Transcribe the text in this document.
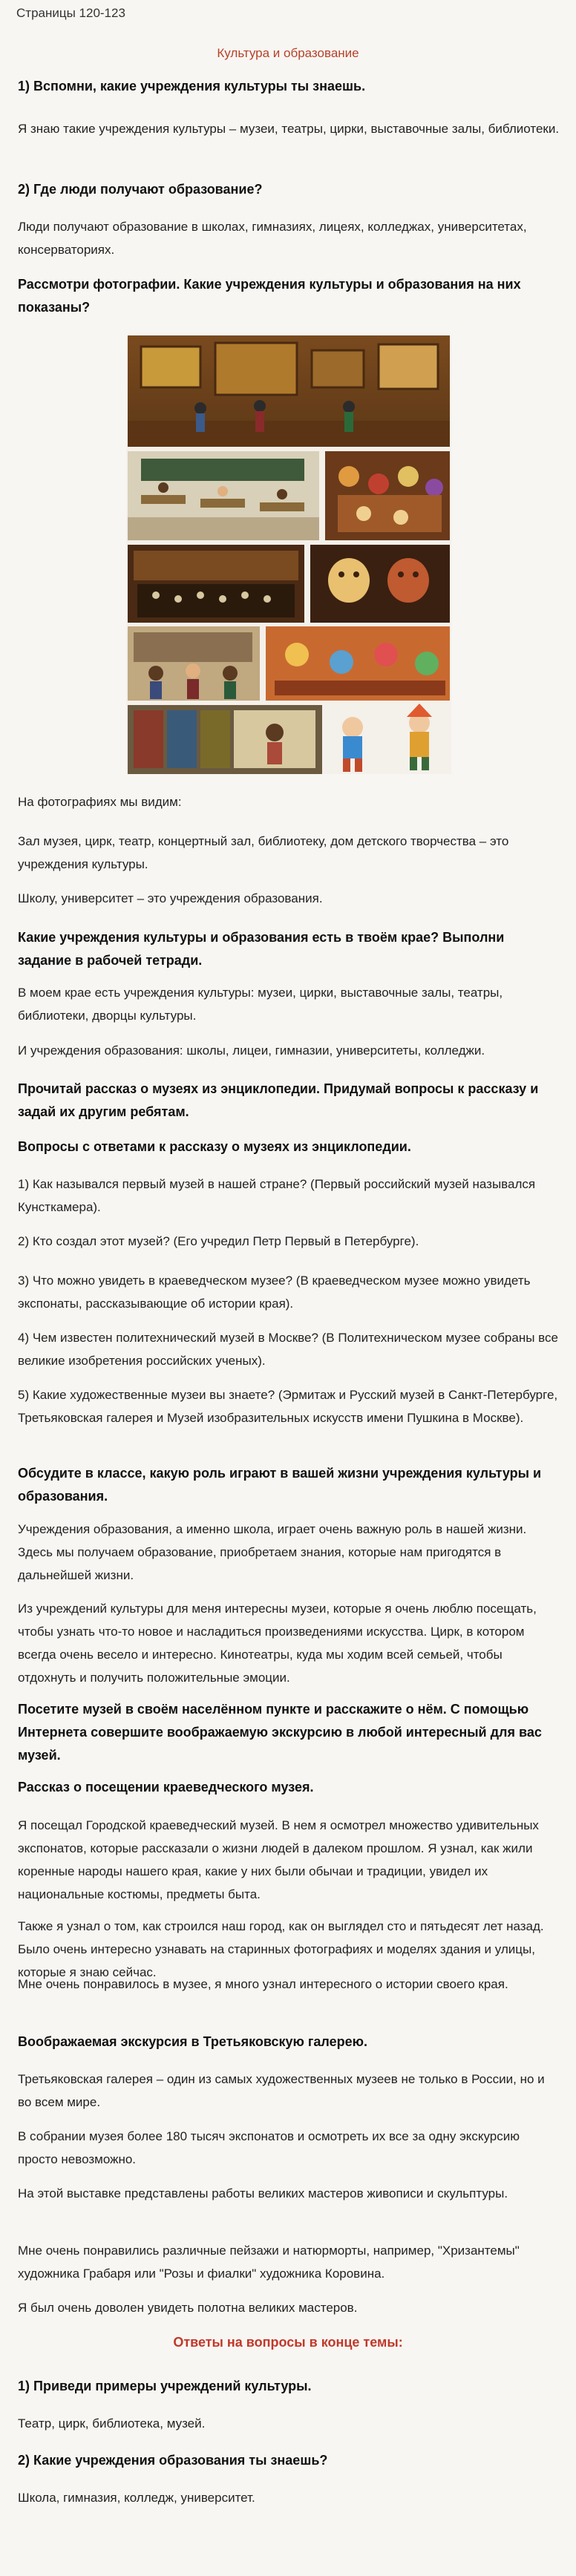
Страницы 120-123
Культура и образование
1) Вспомни, какие учреждения культуры ты знаешь.
Я знаю такие учреждения культуры – музеи, театры, цирки, выставочные залы, библиотеки.
2) Где люди получают образование?
Люди получают образование в школах, гимназиях, лицеях, колледжах, университетах, консерваториях.
Рассмотри фотографии. Какие учреждения культуры и образования на них показаны?
На фотографиях мы видим:
Зал музея, цирк, театр, концертный зал, библиотеку, дом детского творчества – это учреждения культуры.
Школу, университет – это учреждения образования.
Какие учреждения культуры и образования есть в твоём крае? Выполни задание в рабочей тетради.
В моем крае есть учреждения культуры: музеи, цирки, выставочные залы, театры, библиотеки, дворцы культуры.
И учреждения образования: школы, лицеи, гимназии, университеты, колледжи.
Прочитай рассказ о музеях из энциклопедии. Придумай вопросы к рассказу и задай их другим ребятам.
Вопросы с ответами к рассказу о музеях из энциклопедии.
1) Как назывался первый музей в нашей стране? (Первый российский музей назывался Кунсткамера).
2) Кто создал этот музей? (Его учредил Петр Первый в Петербурге).
3) Что можно увидеть в краеведческом музее? (В краеведческом музее можно увидеть экспонаты, рассказывающие об истории края).
4) Чем известен политехнический музей в Москве? (В Политехническом музее собраны все великие изобретения российских ученых).
5) Какие художественные музеи вы знаете? (Эрмитаж и Русский музей в Санкт-Петербурге, Третьяковская галерея и Музей изобразительных искусств имени Пушкина в Москве).
Обсудите в классе, какую роль играют в вашей жизни учреждения культуры и образования.
Учреждения образования, а именно школа, играет очень важную роль в нашей жизни. Здесь мы получаем образование, приобретаем знания, которые нам пригодятся в дальнейшей жизни.
Из учреждений культуры для меня интересны музеи, которые я очень люблю посещать, чтобы узнать что-то новое и насладиться произведениями искусства. Цирк, в котором всегда очень весело и интересно. Кинотеатры, куда мы ходим всей семьей, чтобы отдохнуть и получить положительные эмоции.
Посетите музей в своём населённом пункте и расскажите о нём. С помощью Интернета совершите воображаемую экскурсию в любой интересный для вас музей.
Рассказ о посещении краеведческого музея.
Я посещал Городской краеведческий музей. В нем я осмотрел множество удивительных экспонатов, которые рассказали о жизни людей в далеком прошлом. Я узнал, как жили коренные народы нашего края, какие у них были обычаи и традиции, увидел их национальные костюмы, предметы быта.
Также я узнал о том, как строился наш город, как он выглядел сто и пятьдесят лет назад. Было очень интересно узнавать на старинных фотографиях и моделях здания и улицы, которые я знаю сейчас.
Мне очень понравилось в музее, я много узнал интересного о истории своего края.
Воображаемая экскурсия в Третьяковскую галерею.
Третьяковская галерея – один из самых художественных музеев не только в России, но и во всем мире.
В собрании музея более 180 тысяч экспонатов и осмотреть их все за одну экскурсию просто невозможно.
На этой выставке представлены работы великих мастеров живописи и скульптуры.
Мне очень понравились различные пейзажи и натюрморты, например, "Хризантемы" художника Грабаря или "Розы и фиалки" художника Коровина.
Я был очень доволен увидеть полотна великих мастеров.
Ответы на вопросы в конце темы:
1) Приведи примеры учреждений культуры.
Театр, цирк, библиотека, музей.
2) Какие учреждения образования ты знаешь?
Школа, гимназия, колледж, университет.
